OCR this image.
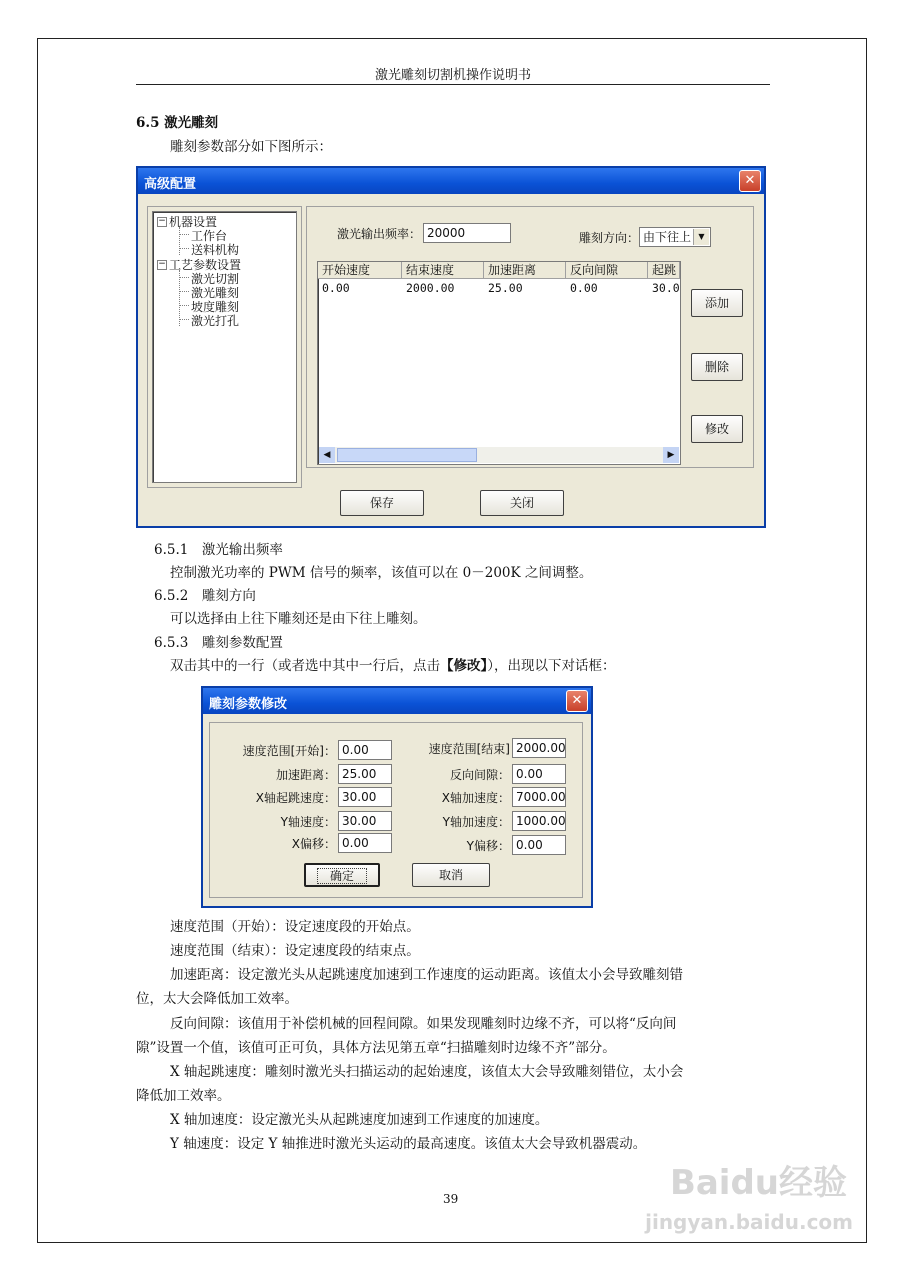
激光雕刻切割机操作说明书
6.5 激光雕刻
雕刻参数部分如下图所示：
高级配置	✕
− 机器设置
工作台
送料机构
− 工艺参数设置
激光切割
激光雕刻
坡度雕刻
激光打孔
激光输出频率： 20000	雕刻方向： 由下往上 ▼
开始速度	结束速度	加速距离	反向间隙	起跳
0.00	2000.00	25.00	0.00	30.0
◀	▶
添加
删除
修改
保存	关闭
6.5.1　激光输出频率
控制激光功率的 PWM 信号的频率，该值可以在 0－200K 之间调整。
6.5.2　雕刻方向
可以选择由上往下雕刻还是由下往上雕刻。
6.5.3　雕刻参数配置
双击其中的一行（或者选中其中一行后，点击【修改】），出现以下对话框：
雕刻参数修改	✕
速度范围[开始]： 0.00	速度范围[结束] 2000.00
加速距离： 25.00	反向间隙： 0.00
X轴起跳速度： 30.00	X轴加速度： 7000.00
Y轴速度： 30.00	Y轴加速度： 1000.00
X偏移： 0.00	Y偏移： 0.00
确定	取消
速度范围（开始）：设定速度段的开始点。
速度范围（结束）：设定速度段的结束点。
加速距离：设定激光头从起跳速度加速到工作速度的运动距离。该值太小会导致雕刻错
位，太大会降低加工效率。
反向间隙：该值用于补偿机械的回程间隙。如果发现雕刻时边缘不齐，可以将“反向间
隙”设置一个值，该值可正可负，具体方法见第五章“扫描雕刻时边缘不齐”部分。
X 轴起跳速度：雕刻时激光头扫描运动的起始速度，该值太大会导致雕刻错位，太小会
降低加工效率。
X 轴加速度：设定激光头从起跳速度加速到工作速度的加速度。
Y 轴速度：设定 Y 轴推进时激光头运动的最高速度。该值太大会导致机器震动。
39	Baidu经验
jingyan.baidu.com
